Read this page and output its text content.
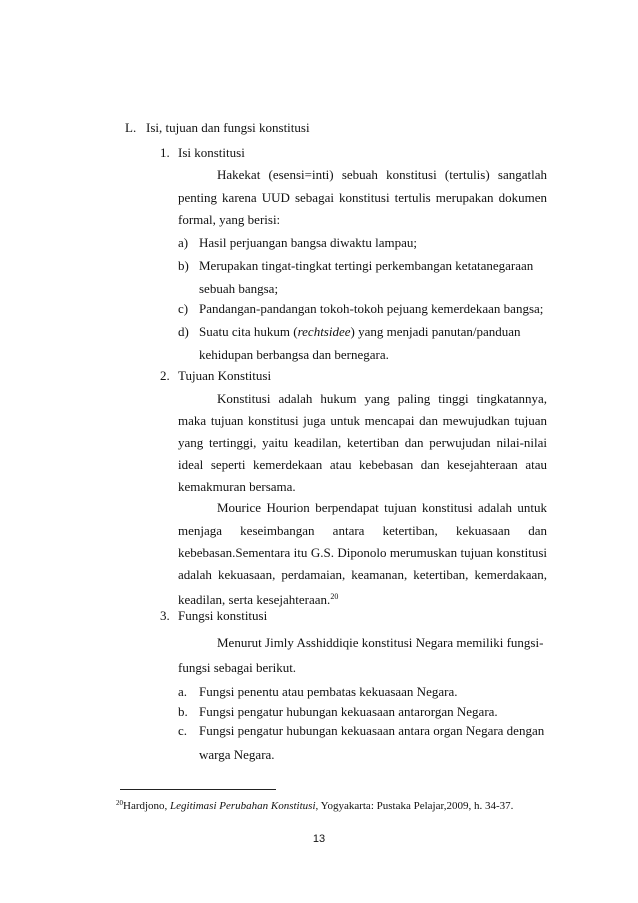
L. Isi, tujuan dan fungsi konstitusi
1. Isi konstitusi
Hakekat (esensi=inti) sebuah konstitusi (tertulis) sangatlah
penting karena UUD sebagai konstitusi tertulis merupakan dokumen
formal, yang berisi:
a) Hasil perjuangan bangsa diwaktu lampau;
b) Merupakan tingat-tingkat tertingi perkembangan ketatanegaraan
sebuah bangsa;
c) Pandangan-pandangan tokoh-tokoh pejuang kemerdekaan bangsa;
d) Suatu cita hukum (rechtsidee) yang menjadi panutan/panduan
kehidupan berbangsa dan bernegara.
2. Tujuan Konstitusi
Konstitusi adalah hukum yang paling tinggi tingkatannya,
maka tujuan konstitusi juga untuk mencapai dan mewujudkan tujuan
yang tertinggi, yaitu keadilan, ketertiban dan perwujudan nilai-nilai
ideal seperti kemerdekaan atau kebebasan dan kesejahteraan atau
kemakmuran bersama.
Mourice Hourion berpendapat tujuan konstitusi adalah untuk
menjaga keseimbangan antara ketertiban, kekuasaan dan
kebebasan.Sementara itu G.S. Diponolo merumuskan tujuan konstitusi
adalah kekuasaan, perdamaian, keamanan, ketertiban, kemerdakaan,
keadilan, serta kesejahteraan.$^{20}$
3. Fungsi konstitusi
Menurut Jimly Asshiddiqie konstitusi Negara memiliki fungsi-
fungsi sebagai berikut.
a. Fungsi penentu atau pembatas kekuasaan Negara.
b. Fungsi pengatur hubungan kekuasaan antarorgan Negara.
c. Fungsi pengatur hubungan kekuasaan antara organ Negara dengan
warga Negara.
$^{20}$Hardjono, Legitimasi Perubahan Konstitusi, Yogyakarta: Pustaka Pelajar,2009, h. 34-37.
13
